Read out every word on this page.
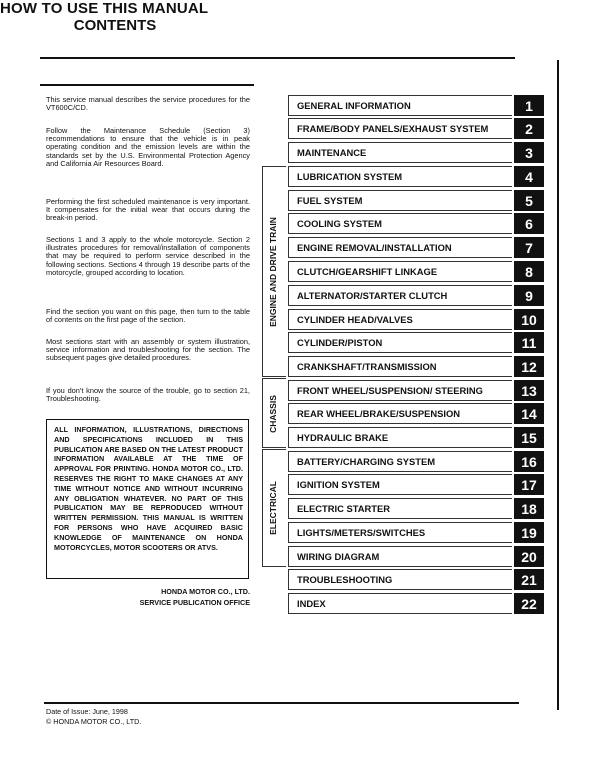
HOW TO USE THIS MANUAL
This service manual describes the service procedures for the VT600C/CD.
Follow the Maintenance Schedule (Section 3) recommendations to ensure that the vehicle is in peak operating condition and the emission levels are within the standards set by the U.S. Environmental Protection Agency and California Air Resources Board.
Performing the first scheduled maintenance is very important. It compensates for the initial wear that occurs during the break-in period.
Sections 1 and 3 apply to the whole motorcycle. Section 2 illustrates procedures for removal/installation of components that may be required to perform service described in the following sections. Sections 4 through 19 describe parts of the motorcycle, grouped according to location.
Find the section you want on this page, then turn to the table of contents on the first page of the section.
Most sections start with an assembly or system illustration, service information and troubleshooting for the section. The subsequent pages give detailed procedures.
If you don't know the source of the trouble, go to section 21, Troubleshooting.
ALL INFORMATION, ILLUSTRATIONS, DIRECTIONS AND SPECIFICATIONS INCLUDED IN THIS PUBLICATION ARE BASED ON THE LATEST PRODUCT INFORMATION AVAILABLE AT THE TIME OF APPROVAL FOR PRINTING. HONDA MOTOR CO., LTD. RESERVES THE RIGHT TO MAKE CHANGES AT ANY TIME WITHOUT NOTICE AND WITHOUT INCURRING ANY OBLIGATION WHATEVER. NO PART OF THIS PUBLICATION MAY BE REPRODUCED WITHOUT WRITTEN PERMISSION. THIS MANUAL IS WRITTEN FOR PERSONS WHO HAVE ACQUIRED BASIC KNOWLEDGE OF MAINTENANCE ON HONDA MOTORCYCLES, MOTOR SCOOTERS OR ATVS.
HONDA MOTOR CO., LTD.
SERVICE PUBLICATION OFFICE
Date of Issue: June, 1998
© HONDA MOTOR CO., LTD.
CONTENTS
ENGINE AND DRIVE TRAIN
CHASSIS
ELECTRICAL
GENERAL INFORMATION	1
FRAME/BODY PANELS/EXHAUST SYSTEM	2
MAINTENANCE	3
LUBRICATION SYSTEM	4
FUEL SYSTEM	5
COOLING SYSTEM	6
ENGINE REMOVAL/INSTALLATION	7
CLUTCH/GEARSHIFT LINKAGE	8
ALTERNATOR/STARTER CLUTCH	9
CYLINDER HEAD/VALVES	10
CYLINDER/PISTON	11
CRANKSHAFT/TRANSMISSION	12
FRONT WHEEL/SUSPENSION/ STEERING	13
REAR WHEEL/BRAKE/SUSPENSION	14
HYDRAULIC BRAKE	15
BATTERY/CHARGING SYSTEM	16
IGNITION SYSTEM	17
ELECTRIC STARTER	18
LIGHTS/METERS/SWITCHES	19
WIRING DIAGRAM	20
TROUBLESHOOTING	21
INDEX	22
